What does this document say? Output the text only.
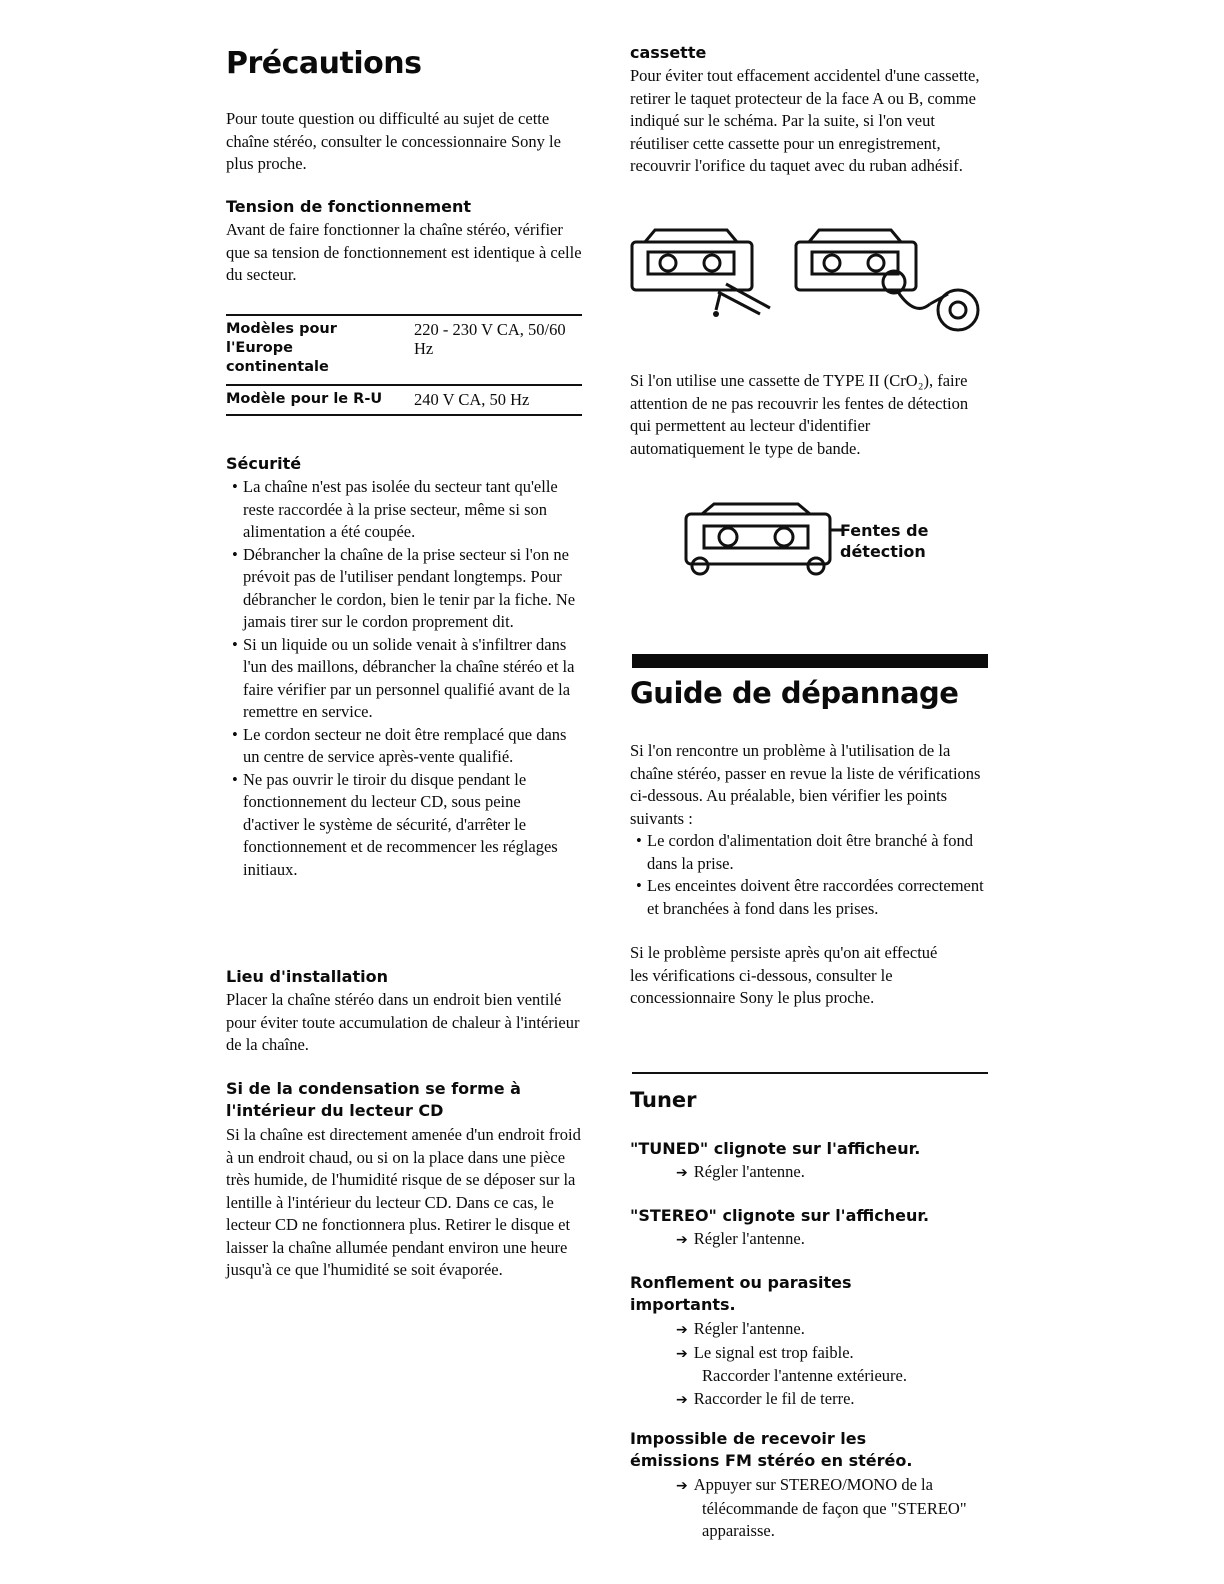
Précautions

Pour toute question ou difficulté au sujet de cette chaîne stéréo, consulter le concessionnaire Sony le plus proche.

Tension de fonctionnement

Avant de faire fonctionner la chaîne stéréo, vérifier que sa tension de fonctionnement est identique à celle du secteur.

Modèles pour l'Europe continentale
220 - 230 V CA, 50/60 Hz
Modèle pour le R-U	240 V CA, 50 Hz
Sécurité
• La chaîne n'est pas isolée du secteur tant qu'elle reste raccordée à la prise secteur, même si son alimentation a été coupée.
• Débrancher la chaîne de la prise secteur si l'on ne prévoit pas de l'utiliser pendant longtemps. Pour débrancher le cordon, bien le tenir par la fiche. Ne jamais tirer sur le cordon proprement dit.
• Si un liquide ou un solide venait à s'infiltrer dans l'un des maillons, débrancher la chaîne stéréo et la faire vérifier par un personnel qualifié avant de la remettre en service.
• Le cordon secteur ne doit être remplacé que dans un centre de service après-vente qualifié.
• Ne pas ouvrir le tiroir du disque pendant le fonctionnement du lecteur CD, sous peine d'activer le système de sécurité, d'arrêter le fonctionnement et de recommencer les réglages initiaux.
Lieu d'installation

Placer la chaîne stéréo dans un endroit bien ventilé pour éviter toute accumulation de chaleur à l'intérieur de la chaîne.

Si de la condensation se forme à l'intérieur du lecteur CD

Si la chaîne est directement amenée d'un endroit froid à un endroit chaud, ou si on la place dans une pièce très humide, de l'humidité risque de se déposer sur la lentille à l'intérieur du lecteur CD. Dans ce cas, le lecteur CD ne fonctionnera plus. Retirer le disque et laisser la chaîne allumée pendant environ une heure jusqu'à ce que l'humidité se soit évaporée.

cassette

Pour éviter tout effacement accidentel d'une cassette, retirer le taquet protecteur de la face A ou B, comme indiqué sur le schéma. Par la suite, si l'on veut réutiliser cette cassette pour un enregistrement, recouvrir l'orifice du taquet avec du ruban adhésif.

Si l'on utilise une cassette de TYPE II (CrO₂), faire attention de ne pas recouvrir les fentes de détection qui permettent au lecteur d'identifier automatiquement le type de bande.

Fentes de
détection
Guide de dépannage

Si l'on rencontre un problème à l'utilisation de la chaîne stéréo, passer en revue la liste de vérifications ci-dessous. Au préalable, bien vérifier les points suivants :

• Le cordon d'alimentation doit être branché à fond dans la prise.
• Les enceintes doivent être raccordées correctement et branchées à fond dans les prises.

Si le problème persiste après qu'on ait effectué les vérifications ci-dessous, consulter le concessionnaire Sony le plus proche.

Tuner
"TUNED" clignote sur l'afficheur.
➔ Régler l'antenne.
"STEREO" clignote sur l'afficheur.
➔ Régler l'antenne.
Ronflement ou parasites importants.
➔ Régler l'antenne.
➔ Le signal est trop faible.
Raccorder l'antenne extérieure.
➔ Raccorder le fil de terre.
Impossible de recevoir les émissions FM stéréo en stéréo.
➔ Appuyer sur STEREO/MONO de la télécommande de façon que "STEREO" apparaisse.
